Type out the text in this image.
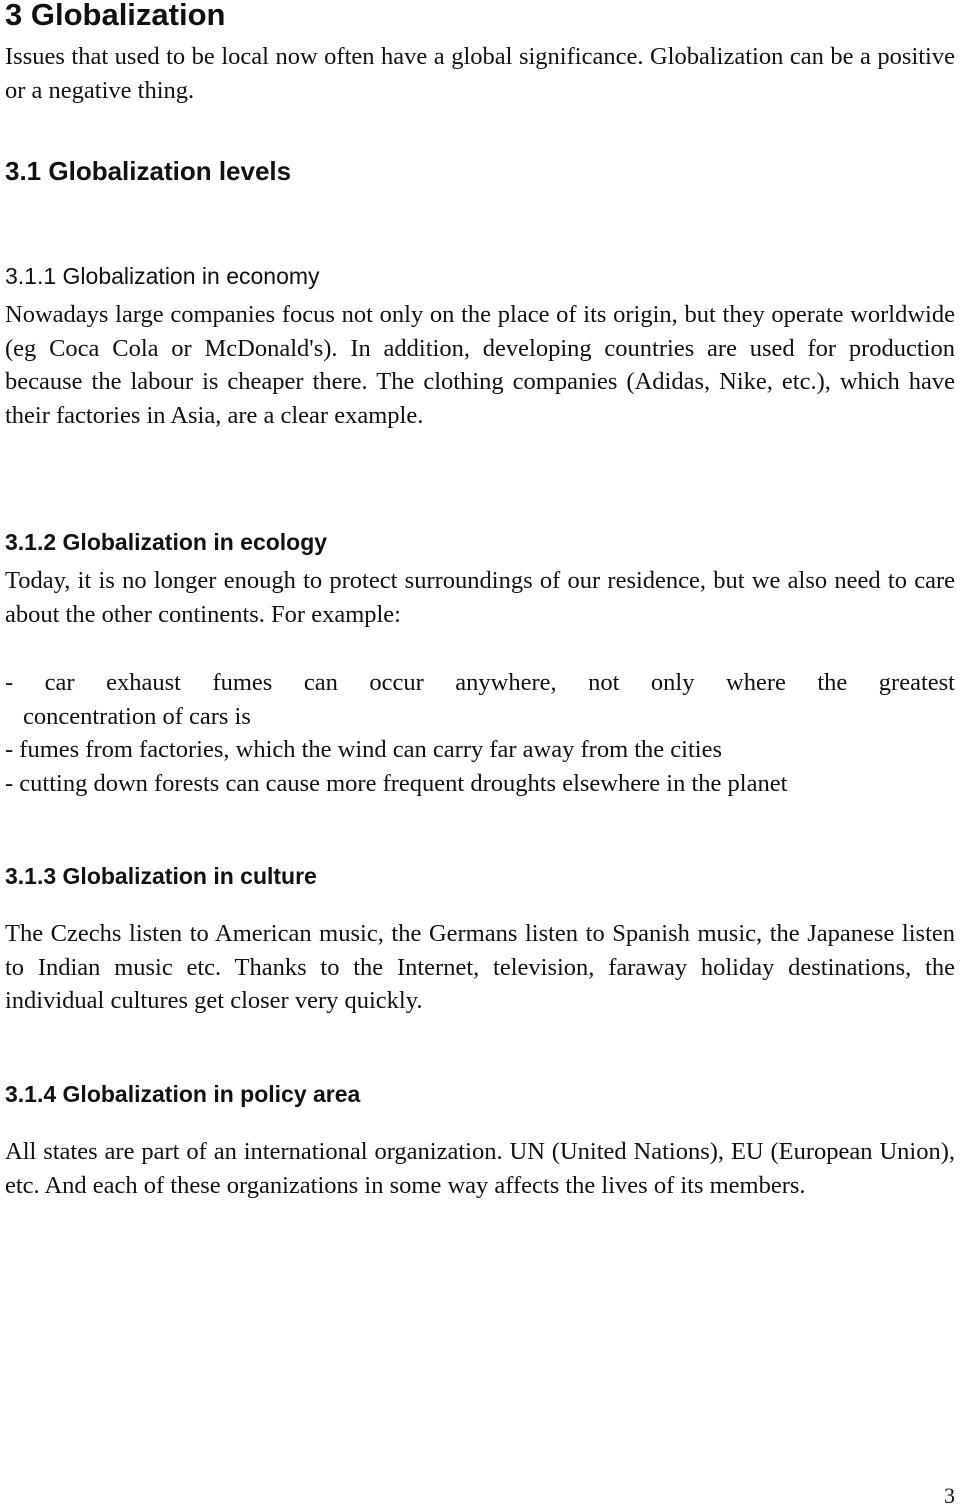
3 Globalization

Issues that used to be local now often have a global significance. Globalization can be a positive or a negative thing.

3.1 Globalization levels
3.1.1 Globalization in economy

Nowadays large companies focus not only on the place of its origin, but they operate worldwide (eg Coca Cola or McDonald's). In addition, developing countries are used for production because the labour is cheaper there. The clothing companies (Adidas, Nike, etc.), which have their factories in Asia, are a clear example.

3.1.2 Globalization in ecology

Today, it is no longer enough to protect surroundings of our residence, but we also need to care about the other continents. For example:

- car exhaust fumes can occur anywhere, not only where the greatest
concentration of cars is
- fumes from factories, which the wind can carry far away from the cities
- cutting down forests can cause more frequent droughts elsewhere in the planet
3.1.3 Globalization in culture

The Czechs listen to American music, the Germans listen to Spanish music, the Japanese listen to Indian music etc. Thanks to the Internet, television, faraway holiday destinations, the individual cultures get closer very quickly.

3.1.4 Globalization in policy area

All states are part of an international organization. UN (United Nations), EU (European Union), etc. And each of these organizations in some way affects the lives of its members.

3
